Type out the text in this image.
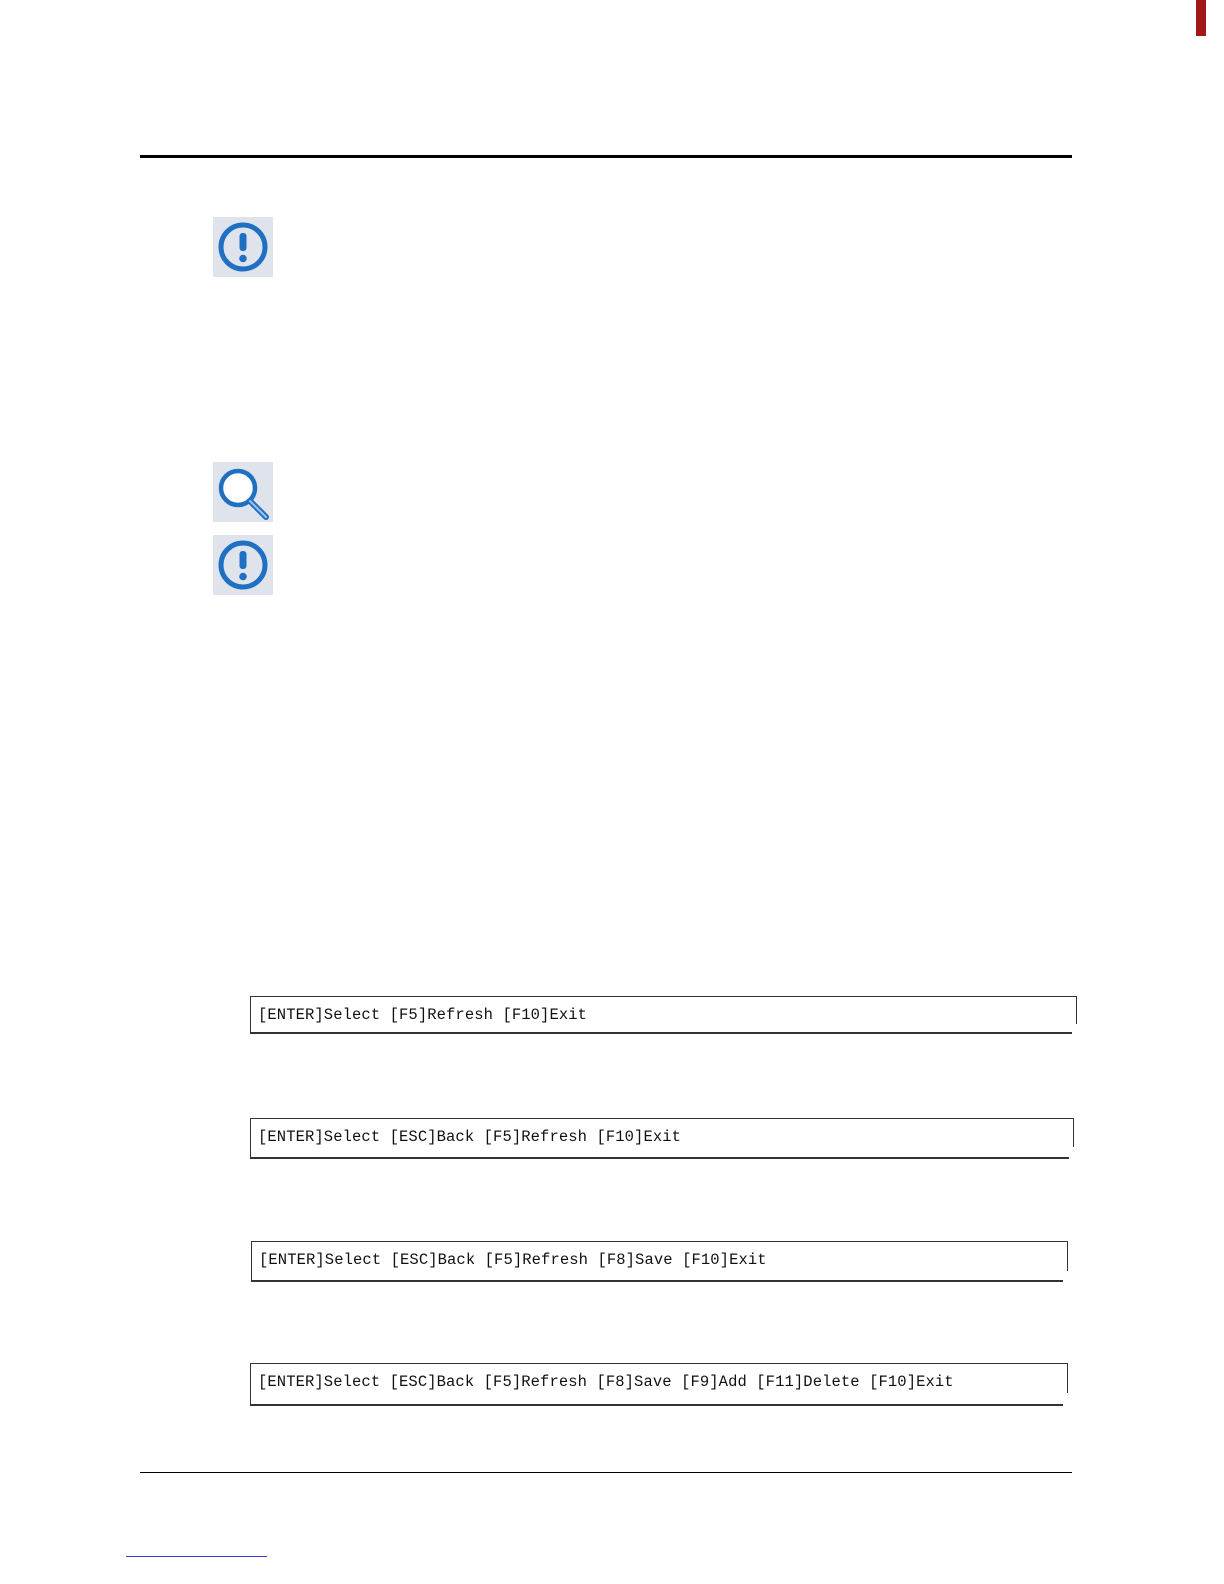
[ENTER]Select [F5]Refresh [F10]Exit
[ENTER]Select [ESC]Back [F5]Refresh [F10]Exit
[ENTER]Select [ESC]Back [F5]Refresh [F8]Save [F10]Exit
[ENTER]Select [ESC]Back [F5]Refresh [F8]Save [F9]Add [F11]Delete [F10]Exit
